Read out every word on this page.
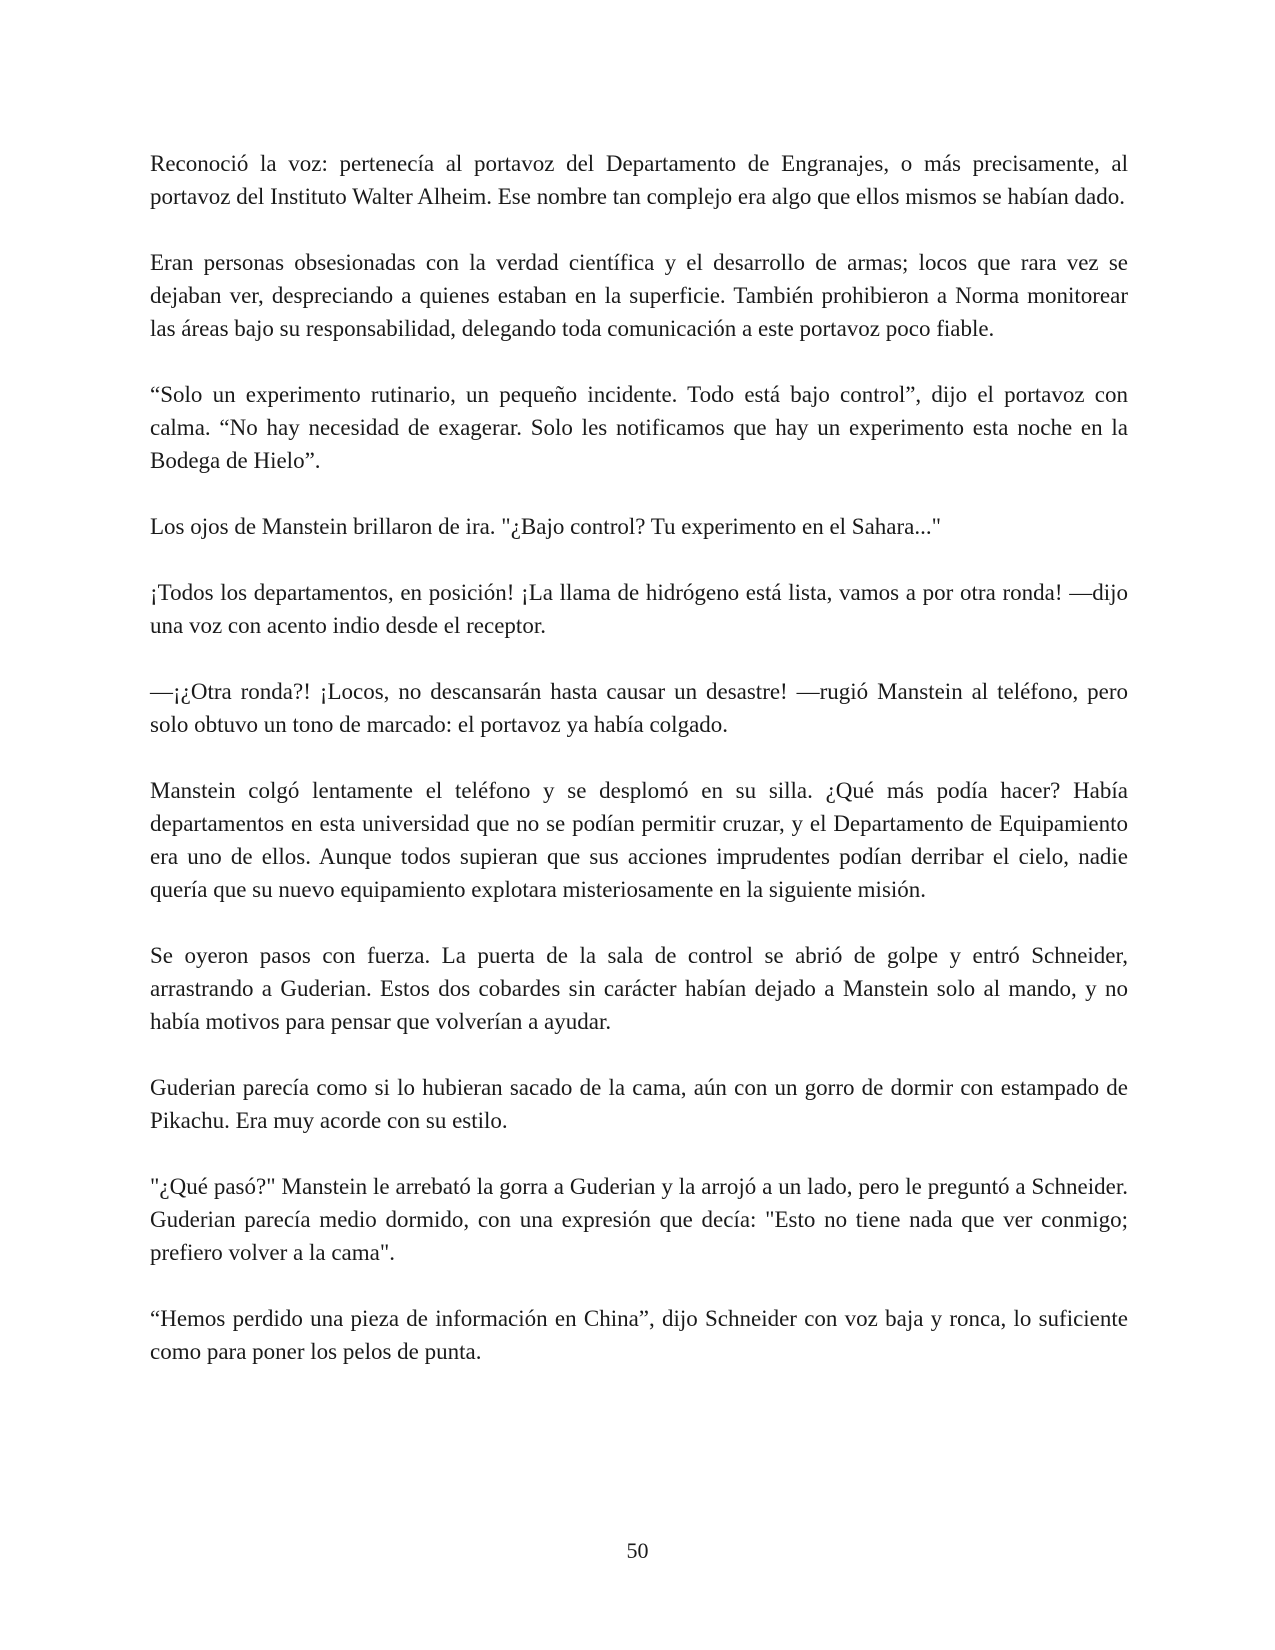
Reconoció la voz: pertenecía al portavoz del Departamento de Engranajes, o más precisamente, al portavoz del Instituto Walter Alheim. Ese nombre tan complejo era algo que ellos mismos se habían dado.

Eran personas obsesionadas con la verdad científica y el desarrollo de armas; locos que rara vez se dejaban ver, despreciando a quienes estaban en la superficie. También prohibieron a Norma monitorear las áreas bajo su responsabilidad, delegando toda comunicación a este portavoz poco fiable.

“Solo un experimento rutinario, un pequeño incidente. Todo está bajo control”, dijo el portavoz con calma. “No hay necesidad de exagerar. Solo les notificamos que hay un experimento esta noche en la Bodega de Hielo”.

Los ojos de Manstein brillaron de ira. "¿Bajo control? Tu experimento en el Sahara..."

¡Todos los departamentos, en posición! ¡La llama de hidrógeno está lista, vamos a por otra ronda! —dijo una voz con acento indio desde el receptor.

—¡¿Otra ronda?! ¡Locos, no descansarán hasta causar un desastre! —rugió Manstein al teléfono, pero solo obtuvo un tono de marcado: el portavoz ya había colgado.

Manstein colgó lentamente el teléfono y se desplomó en su silla. ¿Qué más podía hacer? Había departamentos en esta universidad que no se podían permitir cruzar, y el Departamento de Equipamiento era uno de ellos. Aunque todos supieran que sus acciones imprudentes podían derribar el cielo, nadie quería que su nuevo equipamiento explotara misteriosamente en la siguiente misión.

Se oyeron pasos con fuerza. La puerta de la sala de control se abrió de golpe y entró Schneider, arrastrando a Guderian. Estos dos cobardes sin carácter habían dejado a Manstein solo al mando, y no había motivos para pensar que volverían a ayudar.

Guderian parecía como si lo hubieran sacado de la cama, aún con un gorro de dormir con estampado de Pikachu. Era muy acorde con su estilo.

"¿Qué pasó?" Manstein le arrebató la gorra a Guderian y la arrojó a un lado, pero le preguntó a Schneider. Guderian parecía medio dormido, con una expresión que decía: "Esto no tiene nada que ver conmigo; prefiero volver a la cama".

“Hemos perdido una pieza de información en China”, dijo Schneider con voz baja y ronca, lo suficiente como para poner los pelos de punta.

50
